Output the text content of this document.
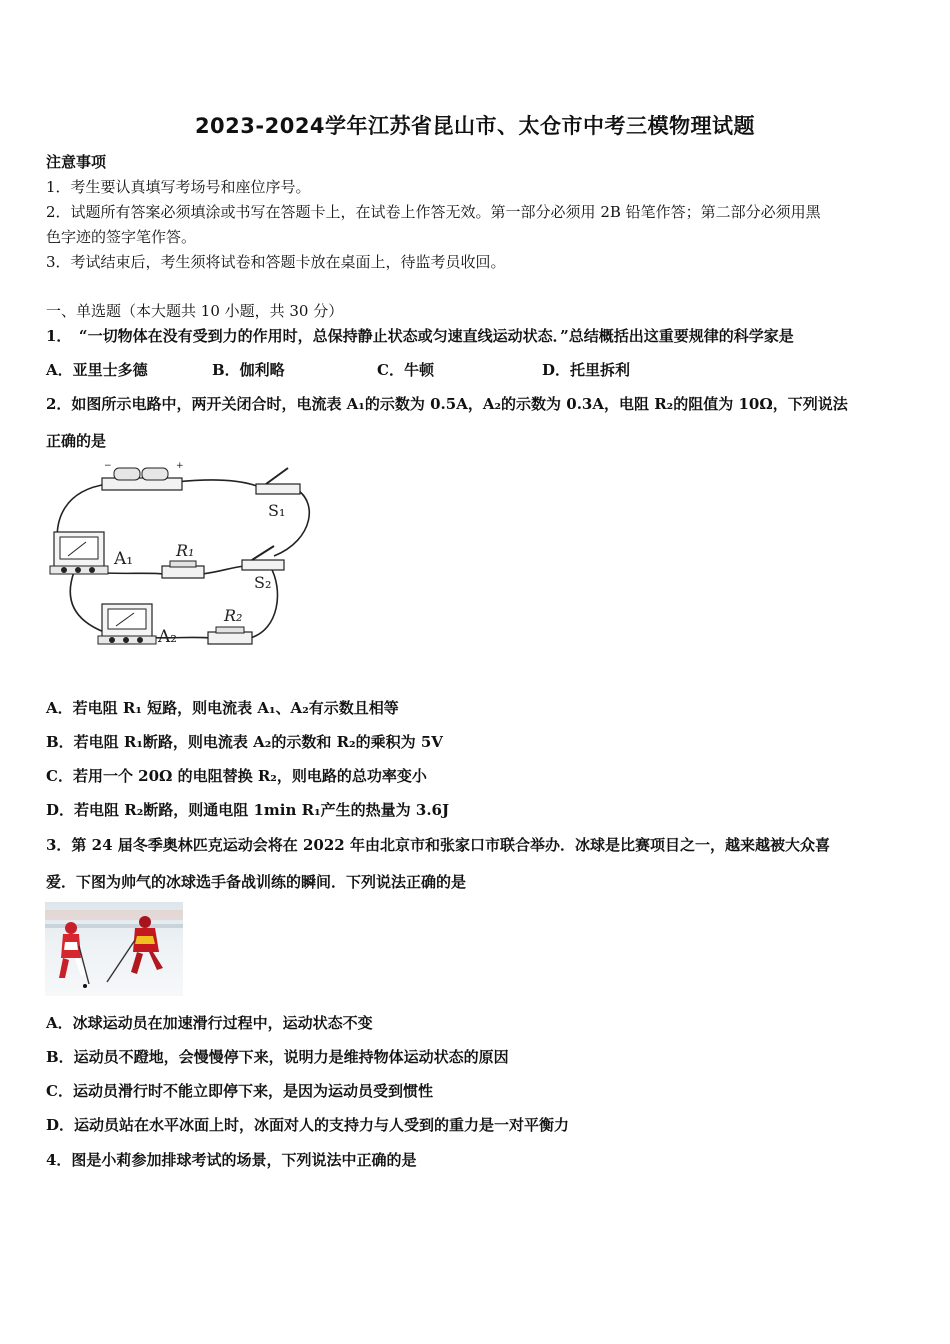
2023-2024学年江苏省昆山市、太仓市中考三模物理试题
注意事项
1．考生要认真填写考场号和座位序号。
2．试题所有答案必须填涂或书写在答题卡上，在试卷上作答无效。第一部分必须用 2B 铅笔作答；第二部分必须用黑
色字迹的签字笔作答。
3．考试结束后，考生须将试卷和答题卡放在桌面上，待监考员收回。
一、单选题（本大题共 10 小题，共 30 分）
1．　“一切物体在没有受到力的作用时，总保持静止状态或匀速直线运动状态．”总结概括出这重要规律的科学家是
A．亚里士多德	B．伽利略	C．牛顿	D．托里拆利
2．如图所示电路中，两开关闭合时，电流表 A₁的示数为 0.5A，A₂的示数为 0.3A，电阻 R₂的阻值为 10Ω，下列说法
正确的是
−	+
S₁
A₁	R₁
S₂
A₂
R₂
A．若电阻 R₁ 短路，则电流表 A₁、A₂有示数且相等
B．若电阻 R₁断路，则电流表 A₂的示数和 R₂的乘积为 5V
C．若用一个 20Ω 的电阻替换 R₂，则电路的总功率变小
D．若电阻 R₂断路，则通电阻 1min R₁产生的热量为 3.6J
3．第 24 届冬季奥林匹克运动会将在 2022 年由北京市和张家口市联合举办．冰球是比赛项目之一，越来越被大众喜
爱．下图为帅气的冰球选手备战训练的瞬间．下列说法正确的是
A．冰球运动员在加速滑行过程中，运动状态不变
B．运动员不蹬地，会慢慢停下来，说明力是维持物体运动状态的原因
C．运动员滑行时不能立即停下来，是因为运动员受到惯性
D．运动员站在水平冰面上时，冰面对人的支持力与人受到的重力是一对平衡力
4．图是小莉参加排球考试的场景，下列说法中正确的是
